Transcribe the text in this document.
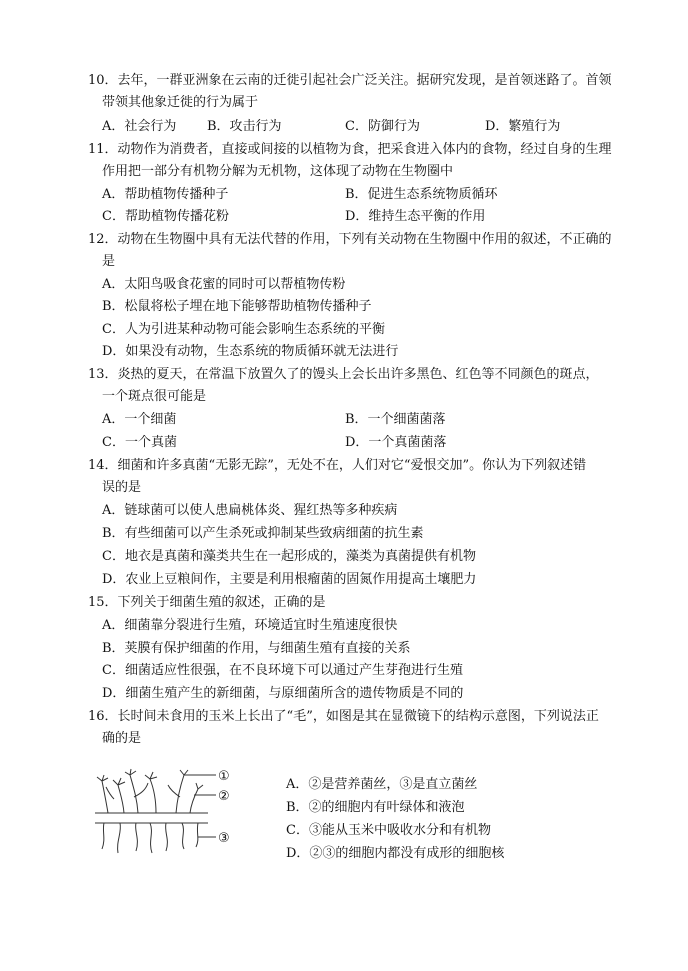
10．去年，一群亚洲象在云南的迁徙引起社会广泛关注。据研究发现，是首领迷路了。首领
带领其他象迁徙的行为属于
A．社会行为 B．攻击行为	C．防御行为	D．繁殖行为
11．动物作为消费者，直接或间接的以植物为食，把采食进入体内的食物，经过自身的生理
作用把一部分有机物分解为无机物，这体现了动物在生物圈中
A．帮助植物传播种子	B．促进生态系统物质循环
C．帮助植物传播花粉	D．维持生态平衡的作用
12．动物在生物圈中具有无法代替的作用，下列有关动物在生物圈中作用的叙述，不正确的
是
A．太阳鸟吸食花蜜的同时可以帮植物传粉
B．松鼠将松子埋在地下能够帮助植物传播种子
C．人为引进某种动物可能会影响生态系统的平衡
D．如果没有动物，生态系统的物质循环就无法进行
13．炎热的夏天，在常温下放置久了的馒头上会长出许多黑色、红色等不同颜色的斑点，
一个斑点很可能是
A．一个细菌	B．一个细菌菌落
C．一个真菌	D．一个真菌菌落
14．细菌和许多真菌“无影无踪”，无处不在，人们对它“爱恨交加”。你认为下列叙述错
误的是
A．链球菌可以使人患扁桃体炎、猩红热等多种疾病
B．有些细菌可以产生杀死或抑制某些致病细菌的抗生素
C．地衣是真菌和藻类共生在一起形成的，藻类为真菌提供有机物
D．农业上豆粮间作，主要是利用根瘤菌的固氮作用提高土壤肥力
15．下列关于细菌生殖的叙述，正确的是
A．细菌靠分裂进行生殖，环境适宜时生殖速度很快
B．荚膜有保护细菌的作用，与细菌生殖有直接的关系
C．细菌适应性很强，在不良环境下可以通过产生芽孢进行生殖
D．细菌生殖产生的新细菌，与原细菌所含的遗传物质是不同的
16．长时间未食用的玉米上长出了“毛”，如图是其在显微镜下的结构示意图，下列说法正
确的是
①
②
③
A．②是营养菌丝，③是直立菌丝
B．②的细胞内有叶绿体和液泡
C．③能从玉米中吸收水分和有机物
D．②③的细胞内都没有成形的细胞核
